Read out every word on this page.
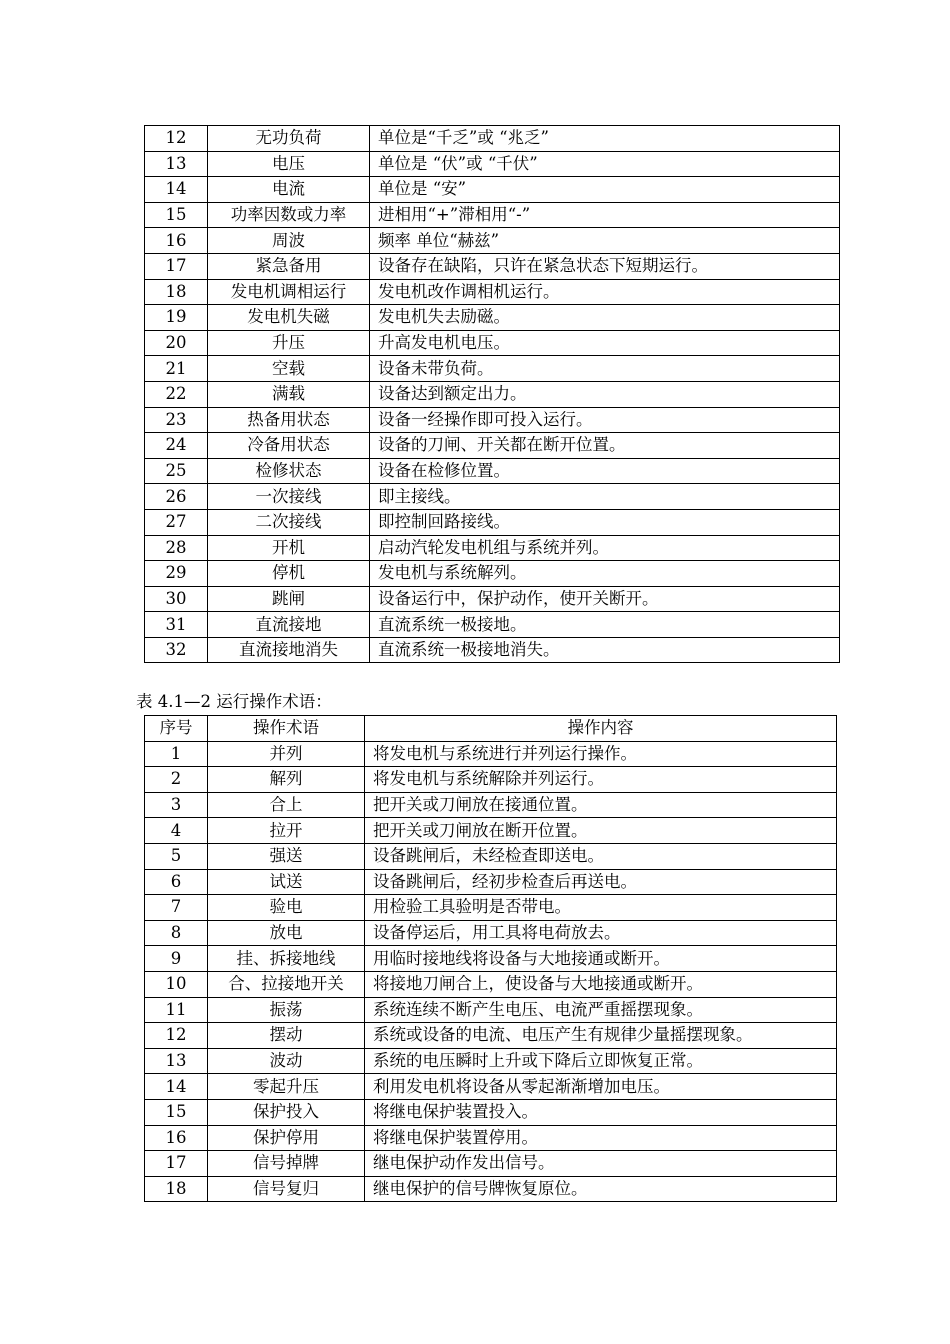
12	无功负荷	单位是“千乏”或 “兆乏”
13	电压	单位是 “伏”或 “千伏”
14	电流	单位是 “安”
15	功率因数或力率	进相用“+”滞相用“-”
16	周波	频率 单位“赫兹”
17	紧急备用	设备存在缺陷，只许在紧急状态下短期运行。
18	发电机调相运行	发电机改作调相机运行。
19	发电机失磁	发电机失去励磁。
20	升压	升高发电机电压。
21	空载	设备未带负荷。
22	满载	设备达到额定出力。
23	热备用状态	设备一经操作即可投入运行。
24	冷备用状态	设备的刀闸、开关都在断开位置。
25	检修状态	设备在检修位置。
26	一次接线	即主接线。
27	二次接线	即控制回路接线。
28	开机	启动汽轮发电机组与系统并列。
29	停机	发电机与系统解列。
30	跳闸	设备运行中，保护动作，使开关断开。
31	直流接地	直流系统一极接地。
32	直流接地消失	直流系统一极接地消失。
表 4.1—2 运行操作术语：
序号	操作术语	操作内容
1	并列	将发电机与系统进行并列运行操作。
2	解列	将发电机与系统解除并列运行。
3	合上	把开关或刀闸放在接通位置。
4	拉开	把开关或刀闸放在断开位置。
5	强送	设备跳闸后，未经检查即送电。
6	试送	设备跳闸后，经初步检查后再送电。
7	验电	用检验工具验明是否带电。
8	放电	设备停运后，用工具将电荷放去。
9	挂、拆接地线	用临时接地线将设备与大地接通或断开。
10	合、拉接地开关	将接地刀闸合上，使设备与大地接通或断开。
11	振荡	系统连续不断产生电压、电流严重摇摆现象。
12	摆动	系统或设备的电流、电压产生有规律少量摇摆现象。
13	波动	系统的电压瞬时上升或下降后立即恢复正常。
14	零起升压	利用发电机将设备从零起渐渐增加电压。
15	保护投入	将继电保护装置投入。
16	保护停用	将继电保护装置停用。
17	信号掉牌	继电保护动作发出信号。
18	信号复归	继电保护的信号牌恢复原位。
